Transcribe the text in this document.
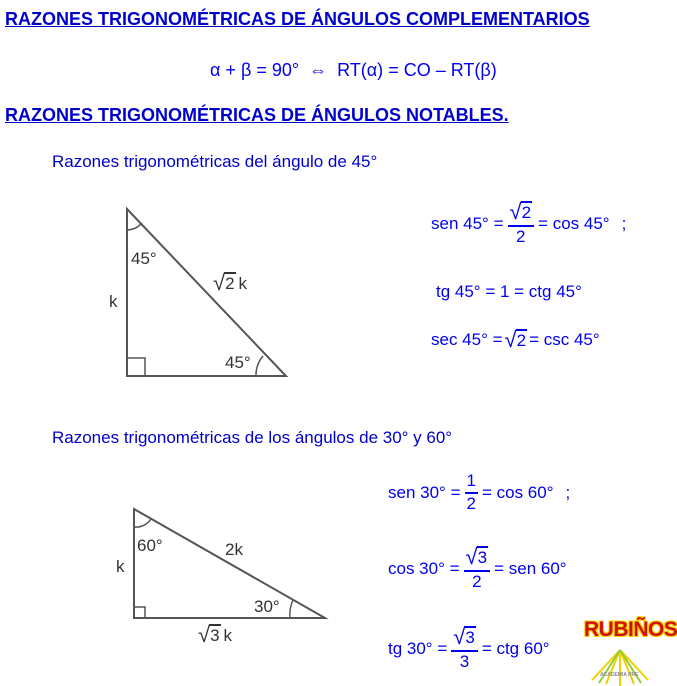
RAZONES TRIGONOMÉTRICAS DE ÁNGULOS COMPLEMENTARIOS
α
+
β
= 90°
⇔
RT(α)
= CO – RT(β)
RAZONES TRIGONOMÉTRICAS DE ÁNGULOS NOTABLES.
Razones trigonométricas del ángulo de 45°
45°
45°
k
√ 2 k
sen $45^\circ = \frac{√ 2}{2} = \cos 45^\circ$ ;
tg 45° = 1 = ctg 45°
sec 45° = √ 2 = csc 45°
Razones trigonométricas de los ángulos de 30° y 60°
60°
30°
k
2k
√ 3 k
sen $30^\circ = \frac{1}{2} = \cos 60^\circ$ ;
$\cos 30^\circ = \frac{√ 3}{2}$ = sen 60°
tg $30^\circ = \frac{√ 3}{3}$ = ctg 60°
RUBIÑOS
ACADEMIA PRE
